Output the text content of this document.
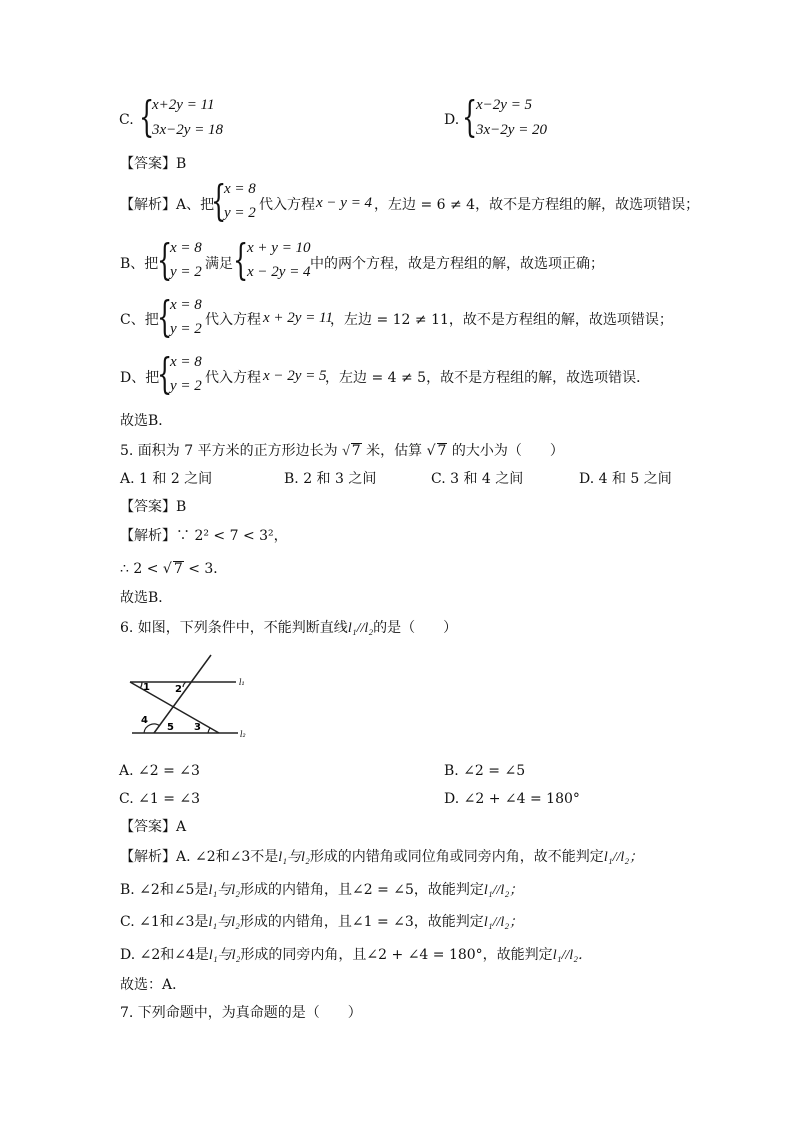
C. {
x+2y = 11
3x−2y = 18
D. {
x−2y = 5
3x−2y = 20
【答案】B
【解析】A、把
{
x = 8
y = 2 代入方程 x − y = 4 ，左边 = 6 ≠ 4，故不是方程组的解，故选项错误；
B、把
{
x = 8
y = 2 满足 {
x + y = 10
x − 2y = 4 中的两个方程，故是方程组的解，故选项正确；
C、把
{
x = 8
y = 2
代入方程 x + 2y = 11
，左边 = 12 ≠ 11，故不是方程组的解，故选项错误；
D、把
{
x = 8
y = 2 代入方程 x − 2y = 5
，左边 = 4 ≠ 5，故不是方程组的解，故选项错误．
故选B．
5. 面积为 7 平方米的正方形边长为 √ 7 米，估算 √ 7 的大小为（　　）
A. 1 和 2 之间	B. 2 和 3 之间	C. 3 和 4 之间	D. 4 和 5 之间
【答案】B
【解析】∵ 2² < 7 < 3²，
∴ 2 < √ 7 < 3．
故选B．
6. 如图，下列条件中，不能判断直线l₁//l₂的是（　　）
1	2
3
4
5
l₁
l₂
A. ∠2 = ∠3	B. ∠2 = ∠5
C. ∠1 = ∠3	D. ∠2 + ∠4 = 180°
【答案】A
【解析】A. ∠2和∠3不是l₁与l₂形成的内错角或同位角或同旁内角，故不能判定l₁//l₂；
B. ∠2和∠5是l₁与l₂形成的内错角，且∠2 = ∠5，故能判定l₁//l₂；
C. ∠1和∠3是l₁与l₂形成的内错角，且∠1 = ∠3，故能判定l₁//l₂；
D. ∠2和∠4是l₁与l₂形成的同旁内角，且∠2 + ∠4 = 180°，故能判定l₁//l₂．
故选：A．
7. 下列命题中，为真命题的是（　　）
